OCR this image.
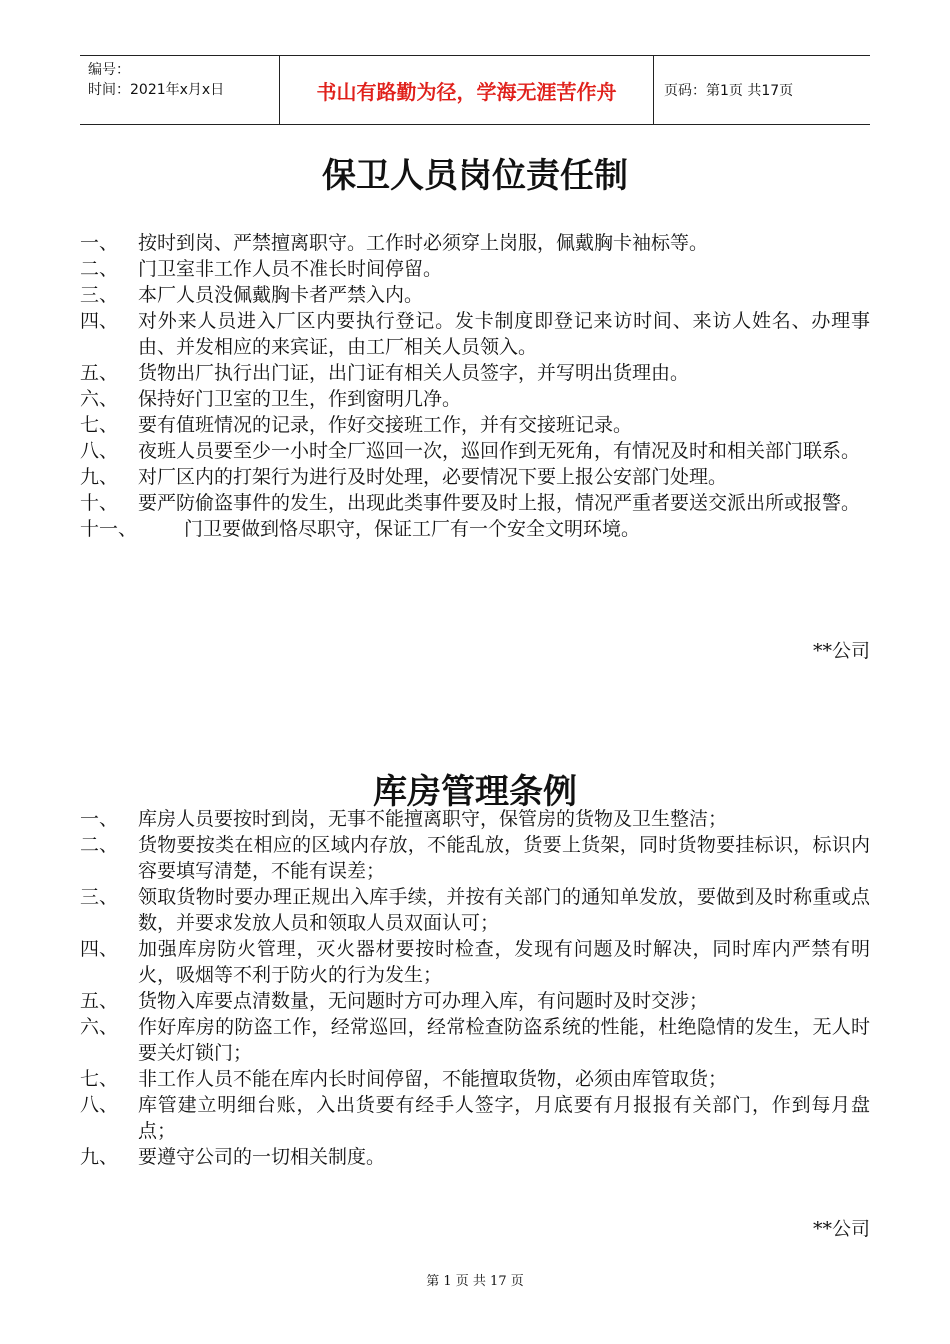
编号：
时间：2021年x月x日	书山有路勤为径，学海无涯苦作舟	页码：第1页 共17页
保卫人员岗位责任制
一、	按时到岗、严禁擅离职守。工作时必须穿上岗服，佩戴胸卡袖标等。
二、	门卫室非工作人员不准长时间停留。
三、	本厂人员没佩戴胸卡者严禁入内。
四、	对外来人员进入厂区内要执行登记。发卡制度即登记来访时间、来访人姓名、办理事由、并发相应的来宾证，由工厂相关人员领入。
五、	货物出厂执行出门证，出门证有相关人员签字，并写明出货理由。
六、	保持好门卫室的卫生，作到窗明几净。
七、	要有值班情况的记录，作好交接班工作，并有交接班记录。
八、	夜班人员要至少一小时全厂巡回一次，巡回作到无死角，有情况及时和相关部门联系。
九、	对厂区内的打架行为进行及时处理，必要情况下要上报公安部门处理。
十、	要严防偷盗事件的发生，出现此类事件要及时上报，情况严重者要送交派出所或报警。
十一、	门卫要做到恪尽职守，保证工厂有一个安全文明环境。
**公司
库房管理条例
一、	库房人员要按时到岗，无事不能擅离职守，保管房的货物及卫生整洁；
二、	货物要按类在相应的区域内存放，不能乱放，货要上货架，同时货物要挂标识，标识内容要填写清楚，不能有误差；
三、	领取货物时要办理正规出入库手续，并按有关部门的通知单发放，要做到及时称重或点数，并要求发放人员和领取人员双面认可；
四、	加强库房防火管理，灭火器材要按时检查，发现有问题及时解决，同时库内严禁有明火，吸烟等不利于防火的行为发生；
五、	货物入库要点清数量，无问题时方可办理入库，有问题时及时交涉；
六、	作好库房的防盗工作，经常巡回，经常检查防盗系统的性能，杜绝隐情的发生，无人时要关灯锁门；
七、	非工作人员不能在库内长时间停留，不能擅取货物，必须由库管取货；
八、	库管建立明细台账，入出货要有经手人签字，月底要有月报报有关部门，作到每月盘点；
九、	要遵守公司的一切相关制度。
**公司
第 1 页 共 17 页
